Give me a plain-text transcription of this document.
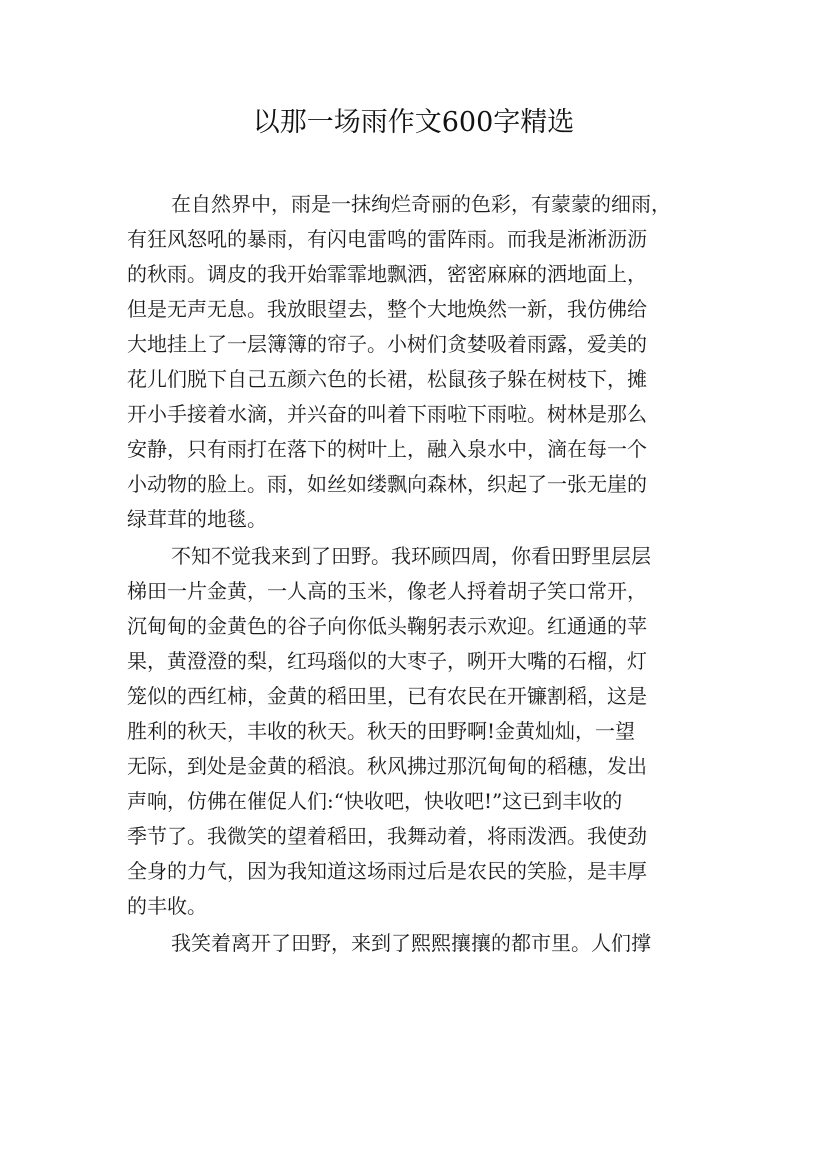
以那一场雨作文600字精选
在自然界中，雨是一抹绚烂奇丽的色彩，有蒙蒙的细雨，
有狂风怒吼的暴雨，有闪电雷鸣的雷阵雨。而我是淅淅沥沥
的秋雨。调皮的我开始霏霏地飘洒，密密麻麻的洒地面上，
但是无声无息。我放眼望去，整个大地焕然一新，我仿佛给
大地挂上了一层簿簿的帘子。小树们贪婪吸着雨露，爱美的
花儿们脱下自己五颜六色的长裙，松鼠孩子躲在树枝下，摊
开小手接着水滴，并兴奋的叫着下雨啦下雨啦。树林是那么
安静，只有雨打在落下的树叶上，融入泉水中，滴在每一个
小动物的脸上。雨，如丝如缕飘向森林，织起了一张无崖的
绿茸茸的地毯。
不知不觉我来到了田野。我环顾四周，你看田野里层层
梯田一片金黄，一人高的玉米，像老人捋着胡子笑口常开，
沉甸甸的金黄色的谷子向你低头鞠躬表示欢迎。红通通的苹
果，黄澄澄的梨，红玛瑙似的大枣子，咧开大嘴的石榴，灯
笼似的西红柿，金黄的稻田里，已有农民在开镰割稻，这是
胜利的秋天，丰收的秋天。秋天的田野啊!金黄灿灿，一望
无际，到处是金黄的稻浪。秋风拂过那沉甸甸的稻穗，发出
声响，仿佛在催促人们:“快收吧，快收吧!”这已到丰收的
季节了。我微笑的望着稻田，我舞动着，将雨泼洒。我使劲
全身的力气，因为我知道这场雨过后是农民的笑脸，是丰厚
的丰收。
我笑着离开了田野，来到了熙熙攘攘的都市里。人们撑
